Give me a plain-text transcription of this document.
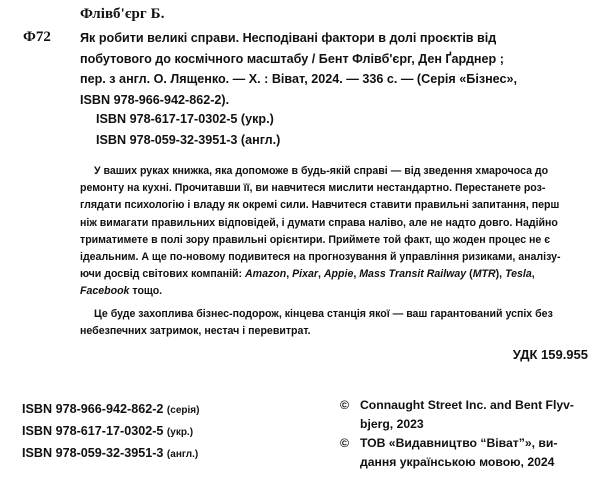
Флівб'єрг Б.
Ф72 Як робити великі справи. Несподівані фактори в долі проєктів від
побутового до космічного масштабу / Бент Флівб'єрг, Ден Ґарднер ;
пер. з англ. О. Лященко. — Х. : Віват, 2024. — 336 с. — (Серія «Бізнес»,
ISBN 978-966-942-862-2).
ISBN 978-617-17-0302-5 (укр.)
ISBN 978-059-32-3951-3 (англ.)
У ваших руках книжка, яка допоможе в будь-якій справі — від зведення хмарочоса до
ремонту на кухні. Прочитавши її, ви навчитеся мислити нестандартно. Перестанете роз-
глядати психологію і владу як окремі сили. Навчитеся ставити правильні запитання, перш
ніж вимагати правильних відповідей, і думати справа наліво, але не надто довго. Надійно
триматимете в полі зору правильні орієнтири. Приймете той факт, що жоден процес не є
ідеальним. А ще по-новому подивитеся на прогнозування й управління ризиками, аналізу-
ючи досвід світових компаній: Amazon, Pixar, Appie, Mass Transit Railway (MTR), Tesla,
Facebook тощо.
Це буде захоплива бізнес-подорож, кінцева станція якої — ваш гарантований успіх без
небезпечних затримок, нестач і перевитрат.
УДК 159.955
ISBN 978-966-942-862-2 (серія)
ISBN 978-617-17-0302-5 (укр.)
ISBN 978-059-32-3951-3 (англ.)
© Connaught Street Inc. and Bent Flyv-
bjerg, 2023
© ТОВ «Видавництво “Віват”», ви-
дання українською мовою, 2024
